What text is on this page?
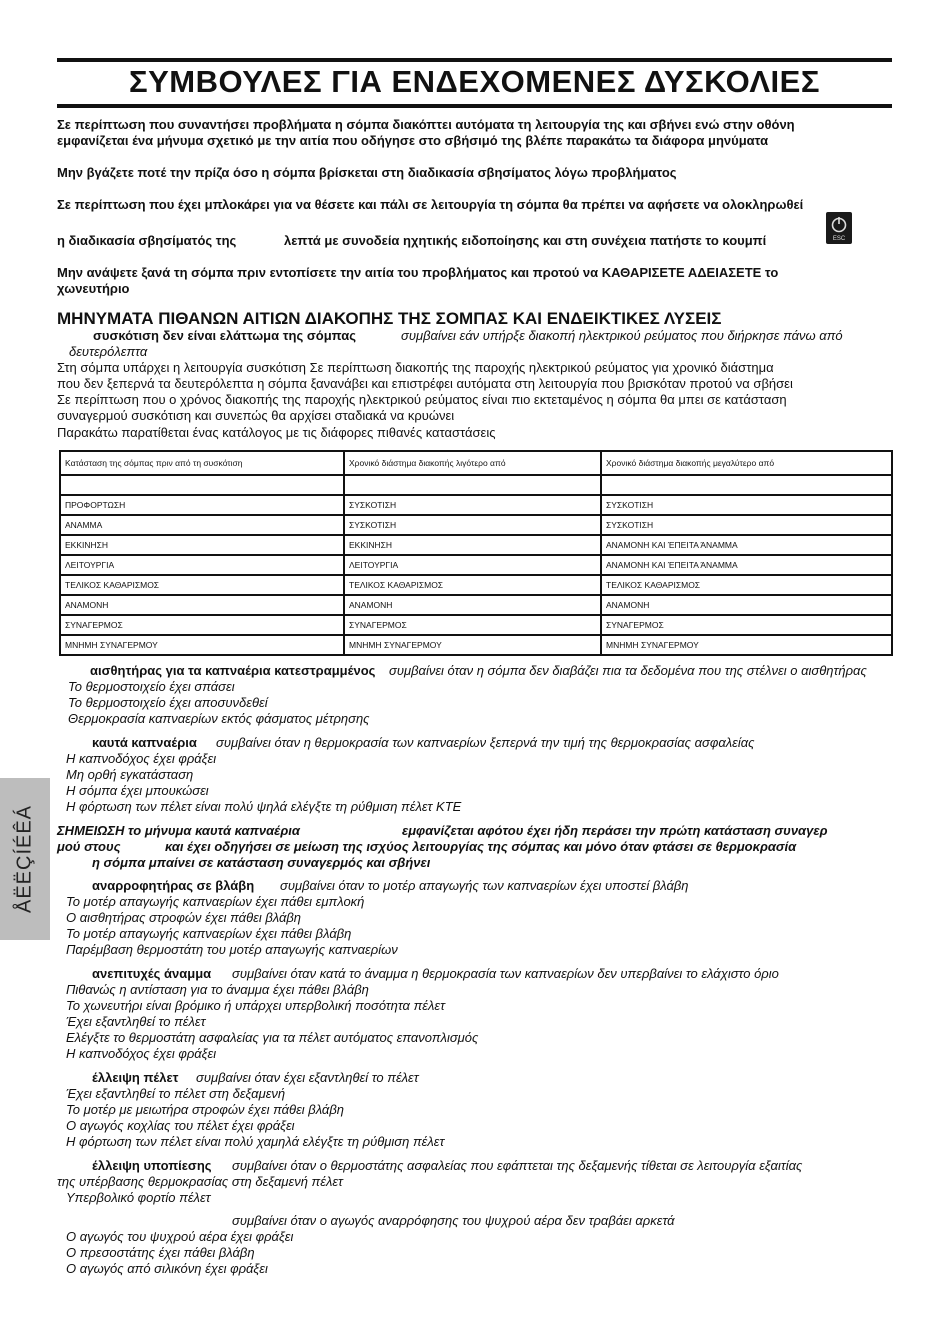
ΣΥΜΒΟΥΛΕΣ ΓΙΑ ΕΝΔΕΧΟΜΕΝΕΣ ΔΥΣΚΟΛΙΕΣ
Σε περίπτωση που συναντήσει προβλήματα η σόμπα διακόπτει αυτόματα τη λειτουργία της και σβήνει ενώ στην οθόνη
εμφανίζεται ένα μήνυμα σχετικό με την αιτία που οδήγησε στο σβήσιμό της βλέπε παρακάτω τα διάφορα μηνύματα
Μην βγάζετε ποτέ την πρίζα όσο η σόμπα βρίσκεται στη διαδικασία σβησίματος λόγω προβλήματος
Σε περίπτωση που έχει μπλοκάρει για να θέσετε και πάλι σε λειτουργία τη σόμπα θα πρέπει να αφήσετε να ολοκληρωθεί
η διαδικασία σβησίματός της	λεπτά με συνοδεία ηχητικής ειδοποίησης και στη συνέχεια πατήστε το κουμπί	ESC
Μην ανάψετε ξανά τη σόμπα πριν εντοπίσετε την αιτία του προβλήματος και προτού να ΚΑΘΑΡΙΣΕΤΕ ΑΔΕΙΑΣΕΤΕ το
χωνευτήριο
ΜΗΝΥΜΑΤΑ ΠΙΘΑΝΩΝ ΑΙΤΙΩΝ ΔΙΑΚΟΠΗΣ ΤΗΣ ΣΟΜΠΑΣ ΚΑΙ ΕΝΔΕΙΚΤΙΚΕΣ ΛΥΣΕΙΣ
συσκότιση δεν είναι ελάττωμα της σόμπας	συμβαίνει εάν υπήρξε διακοπή ηλεκτρικού ρεύματος που διήρκησε πάνω από
δευτερόλεπτα
Στη σόμπα υπάρχει η λειτουργία συσκότιση Σε περίπτωση διακοπής της παροχής ηλεκτρικού ρεύματος για χρονικό διάστημα
που δεν ξεπερνά τα δευτερόλεπτα η σόμπα ξανανάβει και επιστρέφει αυτόματα στη λειτουργία που βρισκόταν προτού να σβήσει
Σε περίπτωση που ο χρόνος διακοπής της παροχής ηλεκτρικού ρεύματος είναι πιο εκτεταμένος η σόμπα θα μπει σε κατάσταση
συναγερμού συσκότιση και συνεπώς θα αρχίσει σταδιακά να κρυώνει
Παρακάτω παρατίθεται ένας κατάλογος με τις διάφορες πιθανές καταστάσεις
Κατάσταση της σόμπας πριν από τη συσκότιση	Χρονικό διάστημα διακοπής λιγότερο από	Χρονικό διάστημα διακοπής μεγαλύτερο από

ΠΡΟΦΟΡΤΩΣΗ	ΣΥΣΚΟΤΙΣΗ	ΣΥΣΚΟΤΙΣΗ
ΑΝΑΜΜΑ	ΣΥΣΚΟΤΙΣΗ	ΣΥΣΚΟΤΙΣΗ
ΕΚΚΙΝΗΣΗ	ΕΚΚΙΝΗΣΗ	ΑΝΑΜΟΝΗ ΚΑΙ ΈΠΕΙΤΑ ΆΝΑΜΜΑ
ΛΕΙΤΟΥΡΓΙΑ	ΛΕΙΤΟΥΡΓΙΑ	ΑΝΑΜΟΝΗ ΚΑΙ ΈΠΕΙΤΑ ΆΝΑΜΜΑ
ΤΕΛΙΚΟΣ ΚΑΘΑΡΙΣΜΟΣ	ΤΕΛΙΚΟΣ ΚΑΘΑΡΙΣΜΟΣ	ΤΕΛΙΚΟΣ ΚΑΘΑΡΙΣΜΟΣ
ΑΝΑΜΟΝΗ	ΑΝΑΜΟΝΗ	ΑΝΑΜΟΝΗ
ΣΥΝΑΓΕΡΜΟΣ	ΣΥΝΑΓΕΡΜΟΣ	ΣΥΝΑΓΕΡΜΟΣ
ΜΝΗΜΗ ΣΥΝΑΓΕΡΜΟΥ	ΜΝΗΜΗ ΣΥΝΑΓΕΡΜΟΥ	ΜΝΗΜΗ ΣΥΝΑΓΕΡΜΟΥ
αισθητήρας για τα καπναέρια κατεστραμμένος συμβαίνει όταν η σόμπα δεν διαβάζει πια τα δεδομένα που της στέλνει ο αισθητήρας
Το θερμοστοιχείο έχει σπάσει
Το θερμοστοιχείο έχει αποσυνδεθεί
Θερμοκρασία καπναερίων εκτός φάσματος μέτρησης
καυτά καπναέρια συμβαίνει όταν η θερμοκρασία των καπναερίων ξεπερνά την τιμή της θερμοκρασίας ασφαλείας
Η καπνοδόχος έχει φράξει
Μη ορθή εγκατάσταση
Η σόμπα έχει μπουκώσει
Η φόρτωση των πέλετ είναι πολύ ψηλά ελέγξτε τη ρύθμιση πέλετ ΚΤΕ
ΣΗΜΕΙΩΣΗ το μήνυμα καυτά καπναέρια	εμφανίζεται αφότου έχει ήδη περάσει την πρώτη κατάσταση συναγερ
μού στους	και έχει οδηγήσει σε μείωση της ισχύος λειτουργίας της σόμπας και μόνο όταν φτάσει σε θερμοκρασία
η σόμπα μπαίνει σε κατάσταση συναγερμός και σβήνει
αναρροφητήρας σε βλάβη συμβαίνει όταν το μοτέρ απαγωγής των καπναερίων έχει υποστεί βλάβη
Το μοτέρ απαγωγής καπναερίων έχει πάθει εμπλοκή
Ο αισθητήρας στροφών έχει πάθει βλάβη
Το μοτέρ απαγωγής καπναερίων έχει πάθει βλάβη
Παρέμβαση θερμοστάτη του μοτέρ απαγωγής καπναερίων
ανεπιτυχές άναμμα συμβαίνει όταν κατά το άναμμα η θερμοκρασία των καπναερίων δεν υπερβαίνει το ελάχιστο όριο
Πιθανώς η αντίσταση για το άναμμα έχει πάθει βλάβη
Το χωνευτήρι είναι βρόμικο ή υπάρχει υπερβολική ποσότητα πέλετ
Έχει εξαντληθεί το πέλετ
Ελέγξτε το θερμοστάτη ασφαλείας για τα πέλετ αυτόματος επανοπλισμός
Η καπνοδόχος έχει φράξει
έλλειψη πέλετ συμβαίνει όταν έχει εξαντληθεί το πέλετ
Έχει εξαντληθεί το πέλετ στη δεξαμενή
Το μοτέρ με μειωτήρα στροφών έχει πάθει βλάβη
Ο αγωγός κοχλίας του πέλετ έχει φράξει
Η φόρτωση των πέλετ είναι πολύ χαμηλά ελέγξτε τη ρύθμιση πέλετ
έλλειψη υποπίεσης συμβαίνει όταν ο θερμοστάτης ασφαλείας που εφάπτεται της δεξαμενής τίθεται σε λειτουργία εξαιτίας
της υπέρβασης θερμοκρασίας στη δεξαμενή πέλετ
Υπερβολικό φορτίο πέλετ
συμβαίνει όταν ο αγωγός αναρρόφησης του ψυχρού αέρα δεν τραβάει αρκετά
Ο αγωγός του ψυχρού αέρα έχει φράξει
Ο πρεσοστάτης έχει πάθει βλάβη
Ο αγωγός από σιλικόνη έχει φράξει
ÅËËÇÍÉÊÁ
